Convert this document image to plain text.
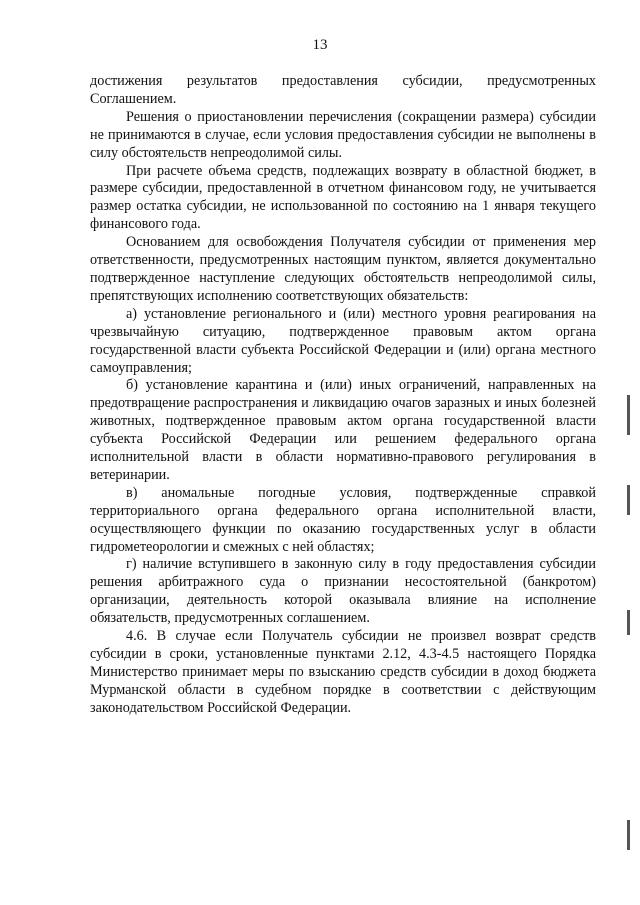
13

достижения результатов предоставления субсидии, предусмотренных Соглашением.

Решения о приостановлении перечисления (сокращении размера) субсидии не принимаются в случае, если условия предоставления субсидии не выполнены в силу обстоятельств непреодолимой силы.

При расчете объема средств, подлежащих возврату в областной бюджет, в размере субсидии, предоставленной в отчетном финансовом году, не учитывается размер остатка субсидии, не использованной по состоянию на 1 января текущего финансового года.

Основанием для освобождения Получателя субсидии от применения мер ответственности, предусмотренных настоящим пунктом, является документально подтвержденное наступление следующих обстоятельств непреодолимой силы, препятствующих исполнению соответствующих обязательств:

а) установление регионального и (или) местного уровня реагирования на чрезвычайную ситуацию, подтвержденное правовым актом органа государственной власти субъекта Российской Федерации и (или) органа местного самоуправления;

б) установление карантина и (или) иных ограничений, направленных на предотвращение распространения и ликвидацию очагов заразных и иных болезней животных, подтвержденное правовым актом органа государственной власти субъекта Российской Федерации или решением федерального органа исполнительной власти в области нормативно-правового регулирования в ветеринарии.

в) аномальные погодные условия, подтвержденные справкой территориального органа федерального органа исполнительной власти, осуществляющего функции по оказанию государственных услуг в области гидрометеорологии и смежных с ней областях;

г) наличие вступившего в законную силу в году предоставления субсидии решения арбитражного суда о признании несостоятельной (банкротом) организации, деятельность которой оказывала влияние на исполнение обязательств, предусмотренных соглашением.

4.6. В случае если Получатель субсидии не произвел возврат средств субсидии в сроки, установленные пунктами 2.12, 4.3-4.5 настоящего Порядка Министерство принимает меры по взысканию средств субсидии в доход бюджета Мурманской области в судебном порядке в соответствии с действующим законодательством Российской Федерации.
